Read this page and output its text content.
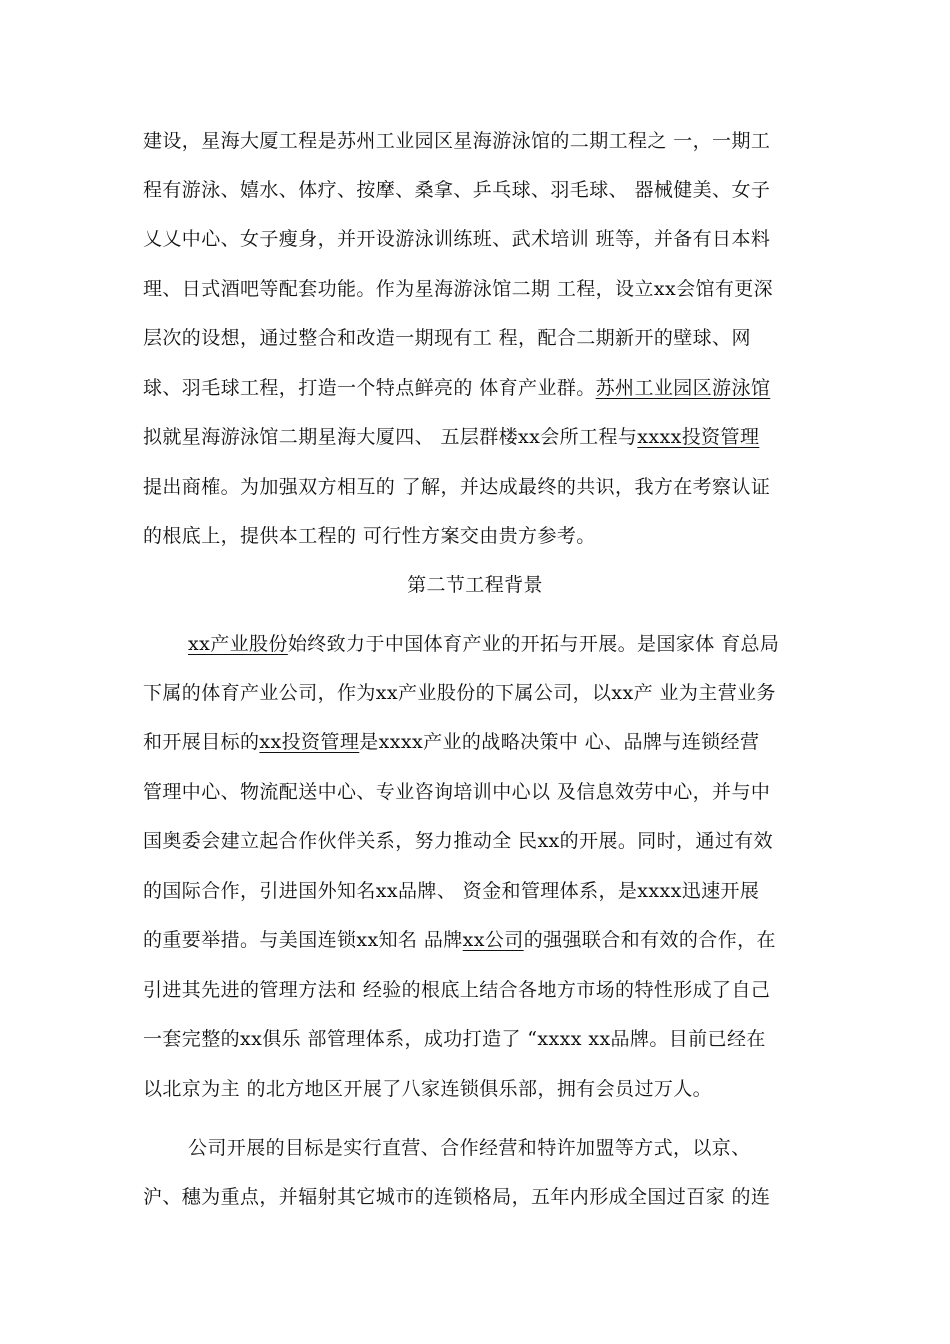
建设，星海大厦工程是苏州工业园区星海游泳馆的二期工程之 一，一期工
程有游泳、嬉水、体疗、按摩、桑拿、乒乓球、羽毛球、 器械健美、女子
乂乂中心、女子瘦身，并开设游泳训练班、武术培训 班等，并备有日本料
理、日式酒吧等配套功能。作为星海游泳馆二期 工程，设立xx会馆有更深
层次的设想，通过整合和改造一期现有工 程，配合二期新开的壁球、网
球、羽毛球工程，打造一个特点鲜亮的 体育产业群。苏州工业园区游泳馆
拟就星海游泳馆二期星海大厦四、 五层群楼xx会所工程与xxxx投资管理
提出商榷。为加强双方相互的 了解，并达成最终的共识，我方在考察认证
的根底上，提供本工程的 可行性方案交由贵方参考。
第二节工程背景
xx产业股份始终致力于中国体育产业的开拓与开展。是国家体 育总局
下属的体育产业公司，作为xx产业股份的下属公司，以xx产 业为主营业务
和开展目标的xx投资管理是xxxx产业的战略决策中 心、品牌与连锁经营
管理中心、物流配送中心、专业咨询培训中心以 及信息效劳中心，并与中
国奥委会建立起合作伙伴关系，努力推动全 民xx的开展。同时，通过有效
的国际合作，引进国外知名xx品牌、 资金和管理体系，是xxxx迅速开展
的重要举措。与美国连锁xx知名 品牌xx公司的强强联合和有效的合作，在
引进其先进的管理方法和 经验的根底上结合各地方市场的特性形成了自己
一套完整的xx俱乐 部管理体系，成功打造了 “xxxx xx品牌。目前已经在
以北京为主 的北方地区开展了八家连锁俱乐部，拥有会员过万人。
公司开展的目标是实行直营、合作经营和特许加盟等方式，以京、
沪、穗为重点，并辐射其它城市的连锁格局，五年内形成全国过百家 的连
